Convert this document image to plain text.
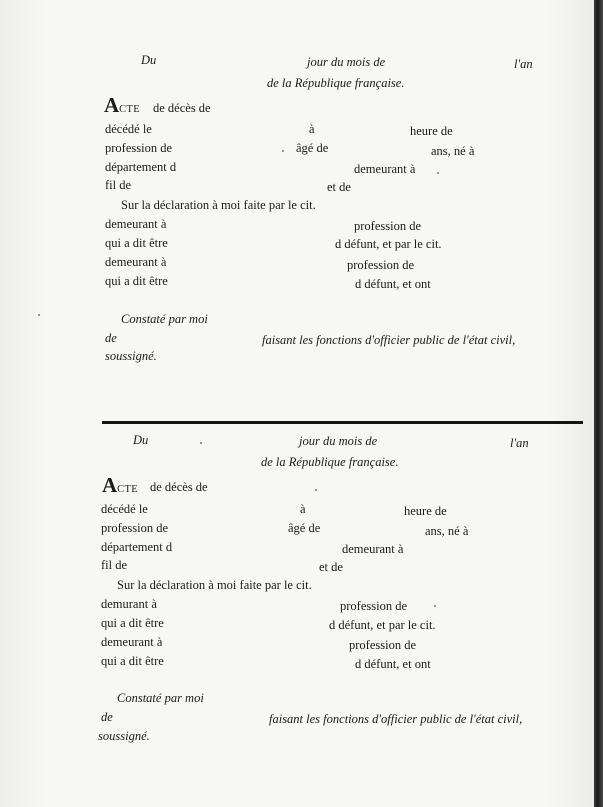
Du	jour du mois de	l'an
de la République française.
ACTE de décès de
décédé le	à	heure de
profession de	âgé de	ans, né à
département d	demeurant à
fil de	et de
Sur la déclaration à moi faite par le cit.
demeurant à	profession de
qui a dit être	d défunt, et par le cit.
demeurant à	profession de
qui a dit être	d défunt, et ont
Constaté par moi
de	faisant les fonctions d'officier public de l'état civil,
soussigné.
Du	jour du mois de	l'an
de la République française.
ACTE de décès de
décédé le	à	heure de
profession de	âgé de	ans, né à
département d	demeurant à
fil de	et de
Sur la déclaration à moi faite par le cit.
demurant à	profession de
qui a dit être	d défunt, et par le cit.
demeurant à	profession de
qui a dit être	d défunt, et ont
Constaté par moi
de	faisant les fonctions d'officier public de l'état civil,
soussigné.
